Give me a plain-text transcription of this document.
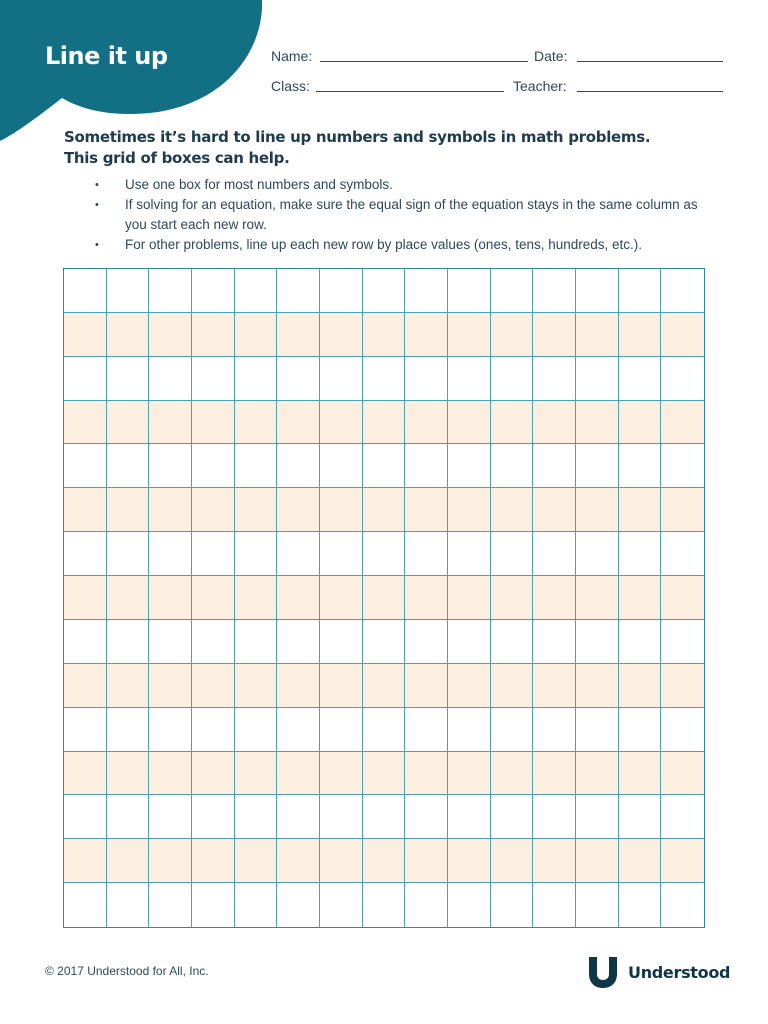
Line it up	Name:	Date:
Class:	Teacher:
Sometimes it’s hard to line up numbers and symbols in math problems.
This grid of boxes can help.
• Use one box for most numbers and symbols.
• If solving for an equation, make sure the equal sign of the equation stays in the same column as you start each new row.
• For other problems, line up each new row by place values (ones, tens, hundreds, etc.).
© 2017 Understood for All, Inc.	Understood
